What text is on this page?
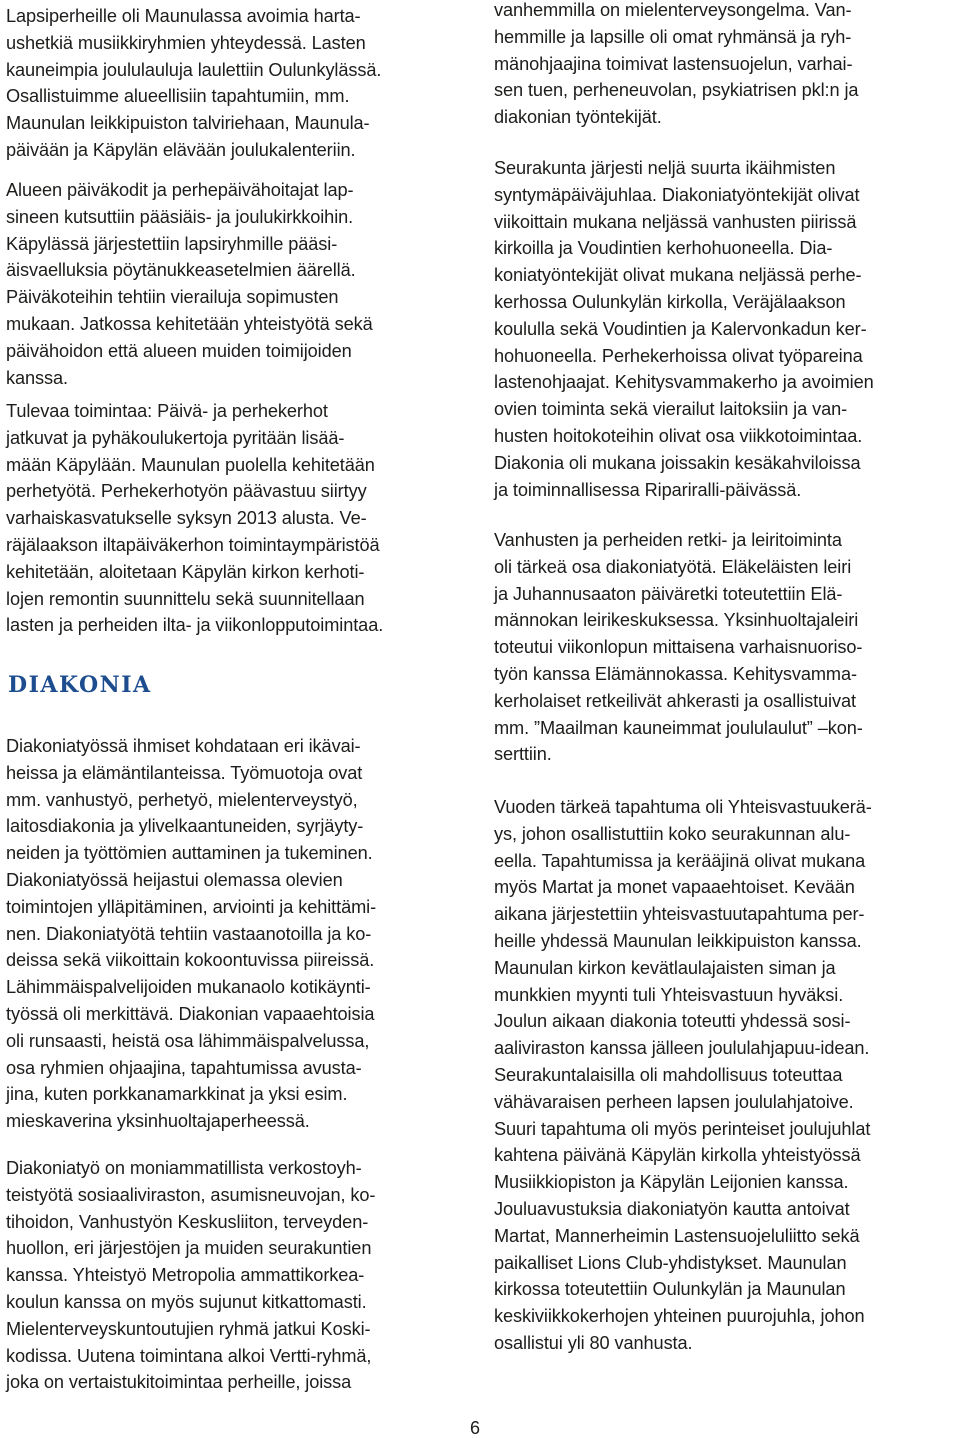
Lapsiperheille oli Maunulassa avoimia harta-
ushetkiä musiikkiryhmien yhteydessä. Lasten
kauneimpia joululauluja laulettiin Oulunkylässä.
Osallistuimme alueellisiin tapahtumiin, mm.
Maunulan leikkipuiston talviriehaan, Maunula-
päivään ja Käpylän elävään joulukalenteriin.

Alueen päiväkodit ja perhepäivähoitajat lap-
sineen kutsuttiin pääsiäis- ja joulukirkkoihin.
Käpylässä järjestettiin lapsiryhmille pääsi-
äisvaelluksia pöytänukkeasetelmien äärellä.
Päiväkoteihin tehtiin vierailuja sopimusten
mukaan. Jatkossa kehitetään yhteistyötä sekä
päivähoidon että alueen muiden toimijoiden
kanssa.

Tulevaa toimintaa: Päivä- ja perhekerhot
jatkuvat ja pyhäkoulukertoja pyritään lisää-
mään Käpylään. Maunulan puolella kehitetään
perhetyötä. Perhekerhotyön päävastuu siirtyy
varhaiskasvatukselle syksyn 2013 alusta. Ve-
räjälaakson iltapäiväkerhon toimintaympäristöä
kehitetään, aloitetaan Käpylän kirkon kerhoti-
lojen remontin suunnittelu sekä suunnitellaan
lasten ja perheiden ilta- ja viikonlopputoimintaa.

DIAKONIA

Diakoniatyössä ihmiset kohdataan eri ikävai-
heissa ja elämäntilanteissa. Työmuotoja ovat
mm. vanhustyö, perhetyö, mielenterveystyö,
laitosdiakonia ja ylivelkaantuneiden, syrjäyty-
neiden ja työttömien auttaminen ja tukeminen.
Diakoniatyössä heijastui olemassa olevien
toimintojen ylläpitäminen, arviointi ja kehittämi-
nen. Diakoniatyötä tehtiin vastaanotoilla ja ko-
deissa sekä viikoittain kokoontuvissa piireissä.
Lähimmäispalvelijoiden mukanaolo kotikäynti-
työssä oli merkittävä. Diakonian vapaaehtoisia
oli runsaasti, heistä osa lähimmäispalvelussa,
osa ryhmien ohjaajina, tapahtumissa avusta-
jina, kuten porkkanamarkkinat ja yksi esim.
mieskaverina yksinhuoltajaperheessä.

Diakoniatyö on moniammatillista verkostoyh-
teistyötä sosiaaliviraston, asumisneuvojan, ko-
tihoidon, Vanhustyön Keskusliiton, terveyden-
huollon, eri järjestöjen ja muiden seurakuntien
kanssa. Yhteistyö Metropolia ammattikorkea-
koulun kanssa on myös sujunut kitkattomasti.
Mielenterveyskuntoutujien ryhmä jatkui Koski-
kodissa. Uutena toimintana alkoi Vertti-ryhmä,
joka on vertaistukitoimintaa perheille, joissa

vanhemmilla on mielenterveysongelma. Van-
hemmille ja lapsille oli omat ryhmänsä ja ryh-
mänohjaajina toimivat lastensuojelun, varhai-
sen tuen, perheneuvolan, psykiatrisen pkl:n ja
diakonian työntekijät.

Seurakunta järjesti neljä suurta ikäihmisten
syntymäpäiväjuhlaa. Diakoniatyöntekijät olivat
viikoittain mukana neljässä vanhusten piirissä
kirkoilla ja Voudintien kerhohuoneella. Dia-
koniatyöntekijät olivat mukana neljässä perhe-
kerhossa Oulunkylän kirkolla, Veräjälaakson
koululla sekä Voudintien ja Kalervonkadun ker-
hohuoneella. Perhekerhoissa olivat työpareina
lastenohjaajat. Kehitysvammakerho ja avoimien
ovien toiminta sekä vierailut laitoksiin ja van-
husten hoitokoteihin olivat osa viikkotoimintaa.
Diakonia oli mukana joissakin kesäkahviloissa
ja toiminnallisessa Riparirallі-päivässä.

Vanhusten ja perheiden retki- ja leiritoiminta
oli tärkeä osa diakoniatyötä. Eläkeläisten leiri
ja Juhannusaaton päiväretki toteutettiin Elä-
männokan leirikeskuksessa. Yksinhuoltajaleiri
toteutui viikonlopun mittaisena varhaisnuoriso-
työn kanssa Elämännokassa. Kehitysvamma-
kerholaiset retkeilivät ahkerasti ja osallistuivat
mm. ”Maailman kauneimmat joululaulut” –kon-
serttiin.

Vuoden tärkeä tapahtuma oli Yhteisvastuukerä-
ys, johon osallistuttiin koko seurakunnan alu-
eella. Tapahtumissa ja kerääjinä olivat mukana
myös Martat ja monet vapaaehtoiset. Kevään
aikana järjestettiin yhteisvastuutapahtuma per-
heille yhdessä Maunulan leikkipuiston kanssa.
Maunulan kirkon kevätlaulajaisten siman ja
munkkien myynti tuli Yhteisvastuun hyväksi.
Joulun aikaan diakonia toteutti yhdessä sosi-
aaliviraston kanssa jälleen joululahjapuu-idean.
Seurakuntalaisilla oli mahdollisuus toteuttaa
vähävaraisen perheen lapsen joululahjatoive.
Suuri tapahtuma oli myös perinteiset joulujuhlat
kahtena päivänä Käpylän kirkolla yhteistyössä
Musiikkiopiston ja Käpylän Leijonien kanssa.
Jouluavustuksia diakoniatyön kautta antoivat
Martat, Mannerheimin Lastensuojeluliitto sekä
paikalliset Lions Club-yhdistykset. Maunulan
kirkossa toteutettiin Oulunkylän ja Maunulan
keskiviikkokerhojen yhteinen puurojuhla, johon
osallistui yli 80 vanhusta.

6
